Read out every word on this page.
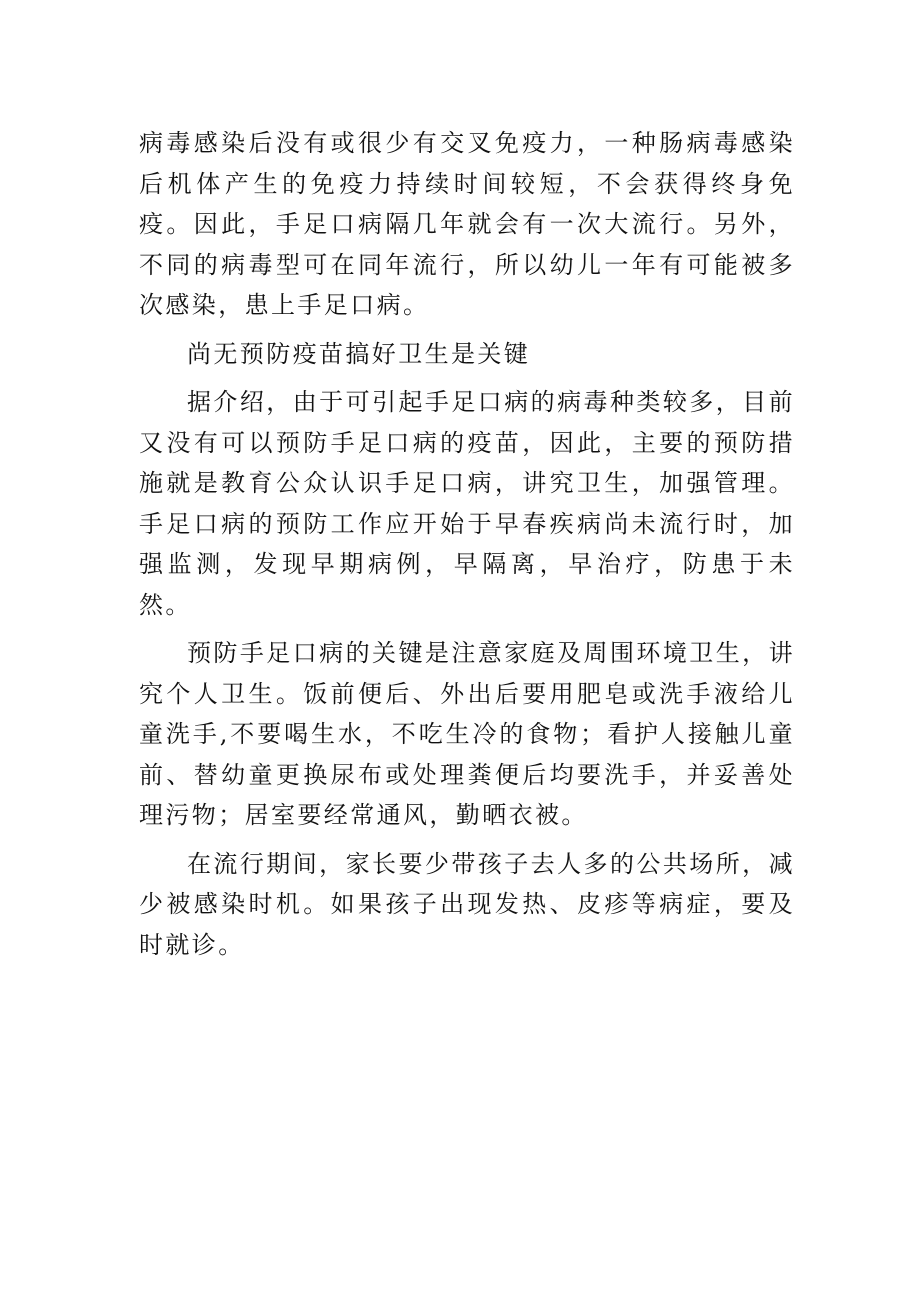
病毒感染后没有或很少有交叉免疫力，一种肠病毒感染后机体产生的免疫力持续时间较短，不会获得终身免疫。因此，手足口病隔几年就会有一次大流行。另外，不同的病毒型可在同年流行，所以幼儿一年有可能被多次感染，患上手足口病。

尚无预防疫苗搞好卫生是关键

据介绍，由于可引起手足口病的病毒种类较多，目前又没有可以预防手足口病的疫苗，因此，主要的预防措施就是教育公众认识手足口病，讲究卫生，加强管理。手足口病的预防工作应开始于早春疾病尚未流行时，加强监测，发现早期病例，早隔离，早治疗，防患于未然。

预防手足口病的关键是注意家庭及周围环境卫生，讲究个人卫生。饭前便后、外出后要用肥皂或洗手液给儿童洗手,不要喝生水，不吃生冷的食物；看护人接触儿童前、替幼童更换尿布或处理粪便后均要洗手，并妥善处理污物；居室要经常通风，勤晒衣被。

在流行期间，家长要少带孩子去人多的公共场所，减少被感染时机。如果孩子出现发热、皮疹等病症，要及时就诊。
